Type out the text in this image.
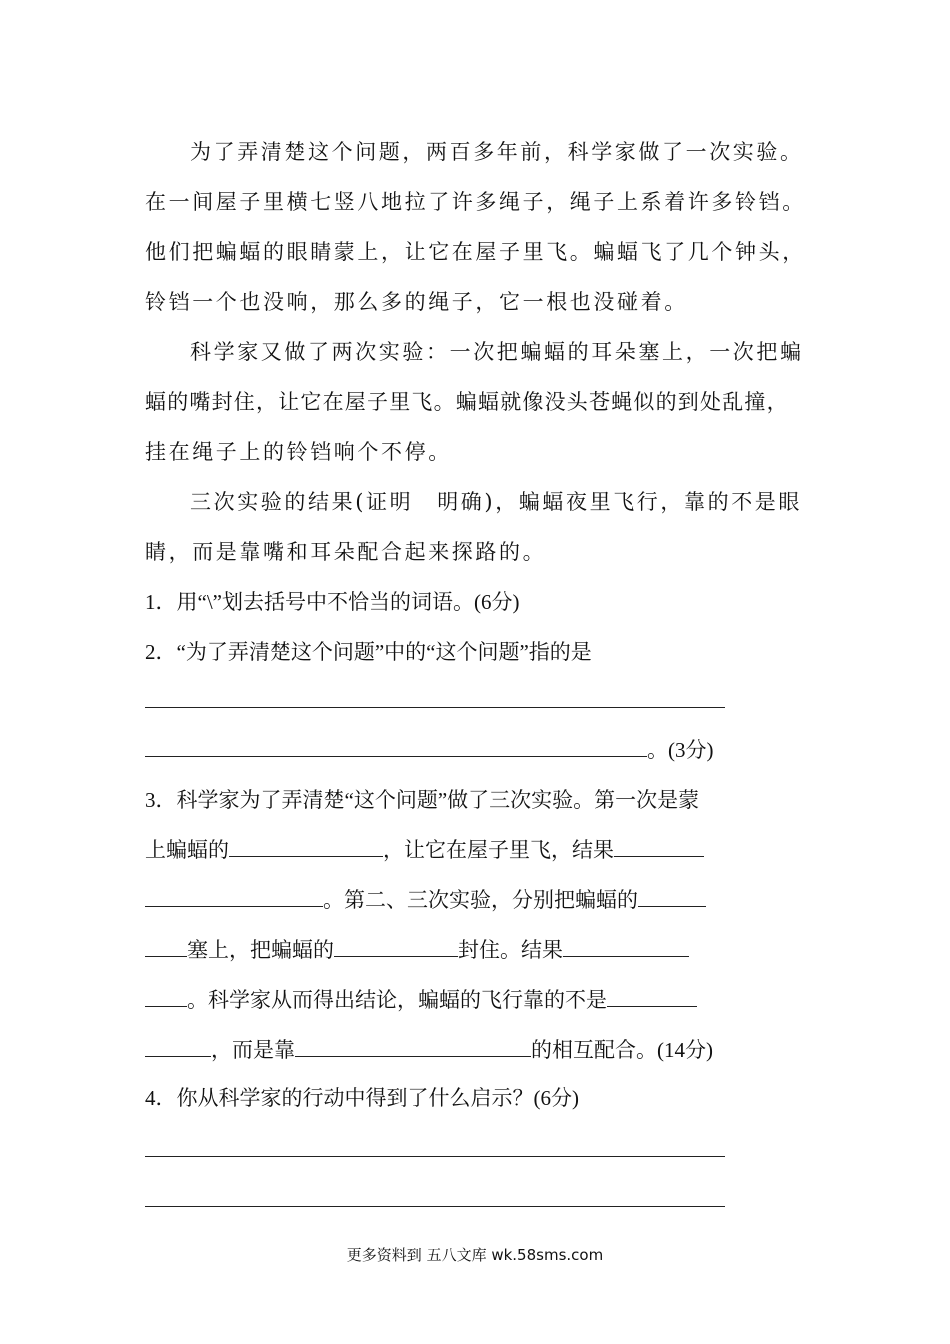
为了弄清楚这个问题，两百多年前，科学家做了一次实验。
在一间屋子里横七竖八地拉了许多绳子，绳子上系着许多铃铛。
他们把蝙蝠的眼睛蒙上，让它在屋子里飞。蝙蝠飞了几个钟头，
铃铛一个也没响，那么多的绳子，它一根也没碰着。
科学家又做了两次实验：一次把蝙蝠的耳朵塞上，一次把蝙
蝠的嘴封住，让它在屋子里飞。蝙蝠就像没头苍蝇似的到处乱撞，
挂在绳子上的铃铛响个不停。
三次实验的结果(证明 明确)，蝙蝠夜里飞行，靠的不是眼
睛，而是靠嘴和耳朵配合起来探路的。
1．用“\”划去括号中不恰当的词语。(6分)
2．“为了弄清楚这个问题”中的“这个问题”指的是
。(3分)
3．科学家为了弄清楚“这个问题”做了三次实验。第一次是蒙
上蝙蝠的	，让它在屋子里飞，结果
。第二、三次实验，分别把蝙蝠的
塞上，把蝙蝠的	封住。结果
。科学家从而得出结论，蝙蝠的飞行靠的不是
，而是靠	的相互配合。(14分)
4．你从科学家的行动中得到了什么启示？(6分)
更多资料到 五八文库 wk.58sms.com
